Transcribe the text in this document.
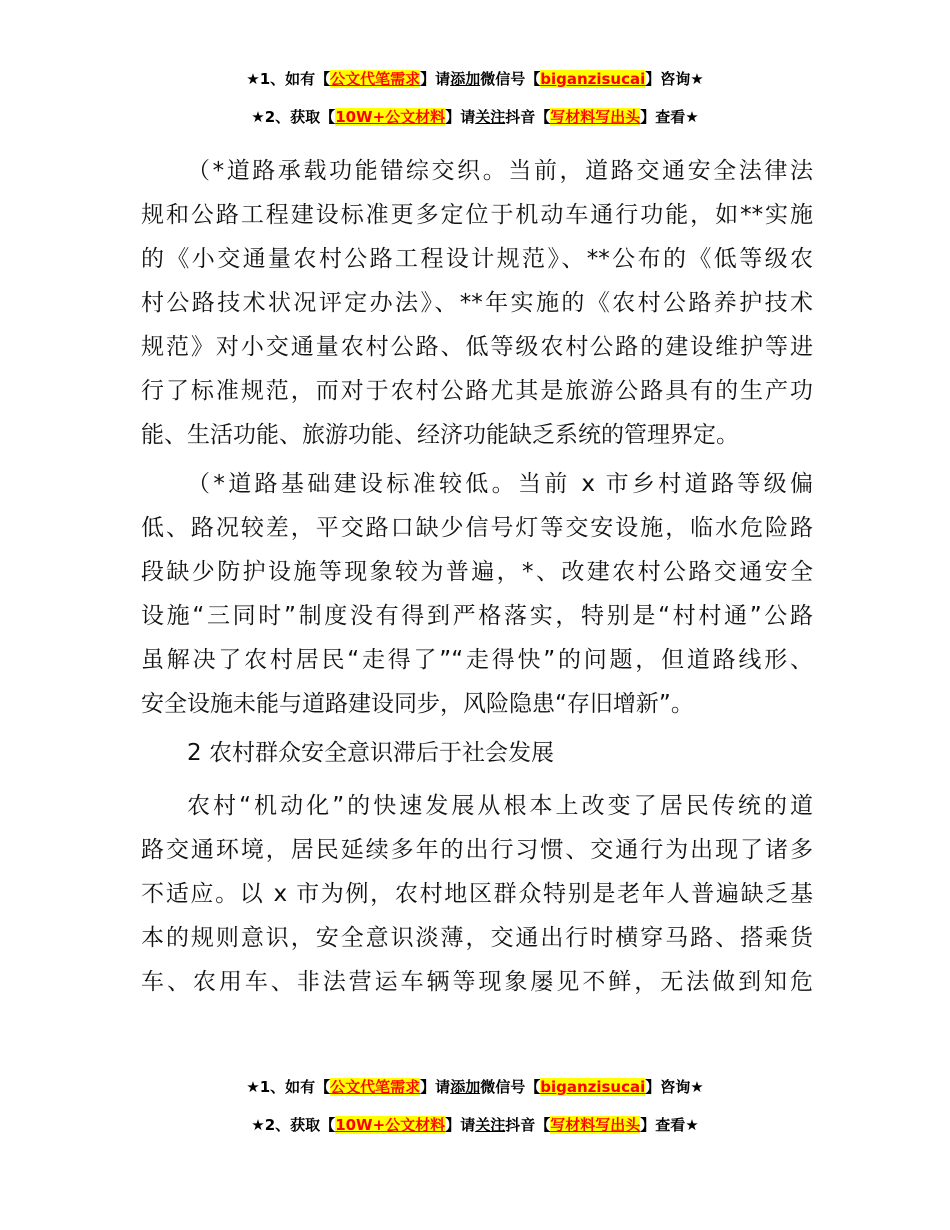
★1、如有【公文代笔需求】请添加微信号【biganzisucai】咨询★
★2、获取【10W+公文材料】请关注抖音【写材料写出头】查看★
（*道路承载功能错综交织。当前，道路交通安全法律法
规和公路工程建设标准更多定位于机动车通行功能，如**实施
的《小交通量农村公路工程设计规范》、**公布的《低等级农
村公路技术状况评定办法》、**年实施的《农村公路养护技术
规范》对小交通量农村公路、低等级农村公路的建设维护等进
行了标准规范，而对于农村公路尤其是旅游公路具有的生产功
能、生活功能、旅游功能、经济功能缺乏系统的管理界定。
（*道路基础建设标准较低。当前 x 市乡村道路等级偏
低、路况较差，平交路口缺少信号灯等交安设施，临水危险路
段缺少防护设施等现象较为普遍，*、改建农村公路交通安全
设施“三同时”制度没有得到严格落实，特别是“村村通”公路
虽解决了农村居民“走得了”“走得快”的问题，但道路线形、
安全设施未能与道路建设同步，风险隐患“存旧增新”。
2 农村群众安全意识滞后于社会发展
农村“机动化”的快速发展从根本上改变了居民传统的道
路交通环境，居民延续多年的出行习惯、交通行为出现了诸多
不适应。以 x 市为例，农村地区群众特别是老年人普遍缺乏基
本的规则意识，安全意识淡薄，交通出行时横穿马路、搭乘货
车、农用车、非法营运车辆等现象屡见不鲜，无法做到知危
★1、如有【公文代笔需求】请添加微信号【biganzisucai】咨询★
★2、获取【10W+公文材料】请关注抖音【写材料写出头】查看★
